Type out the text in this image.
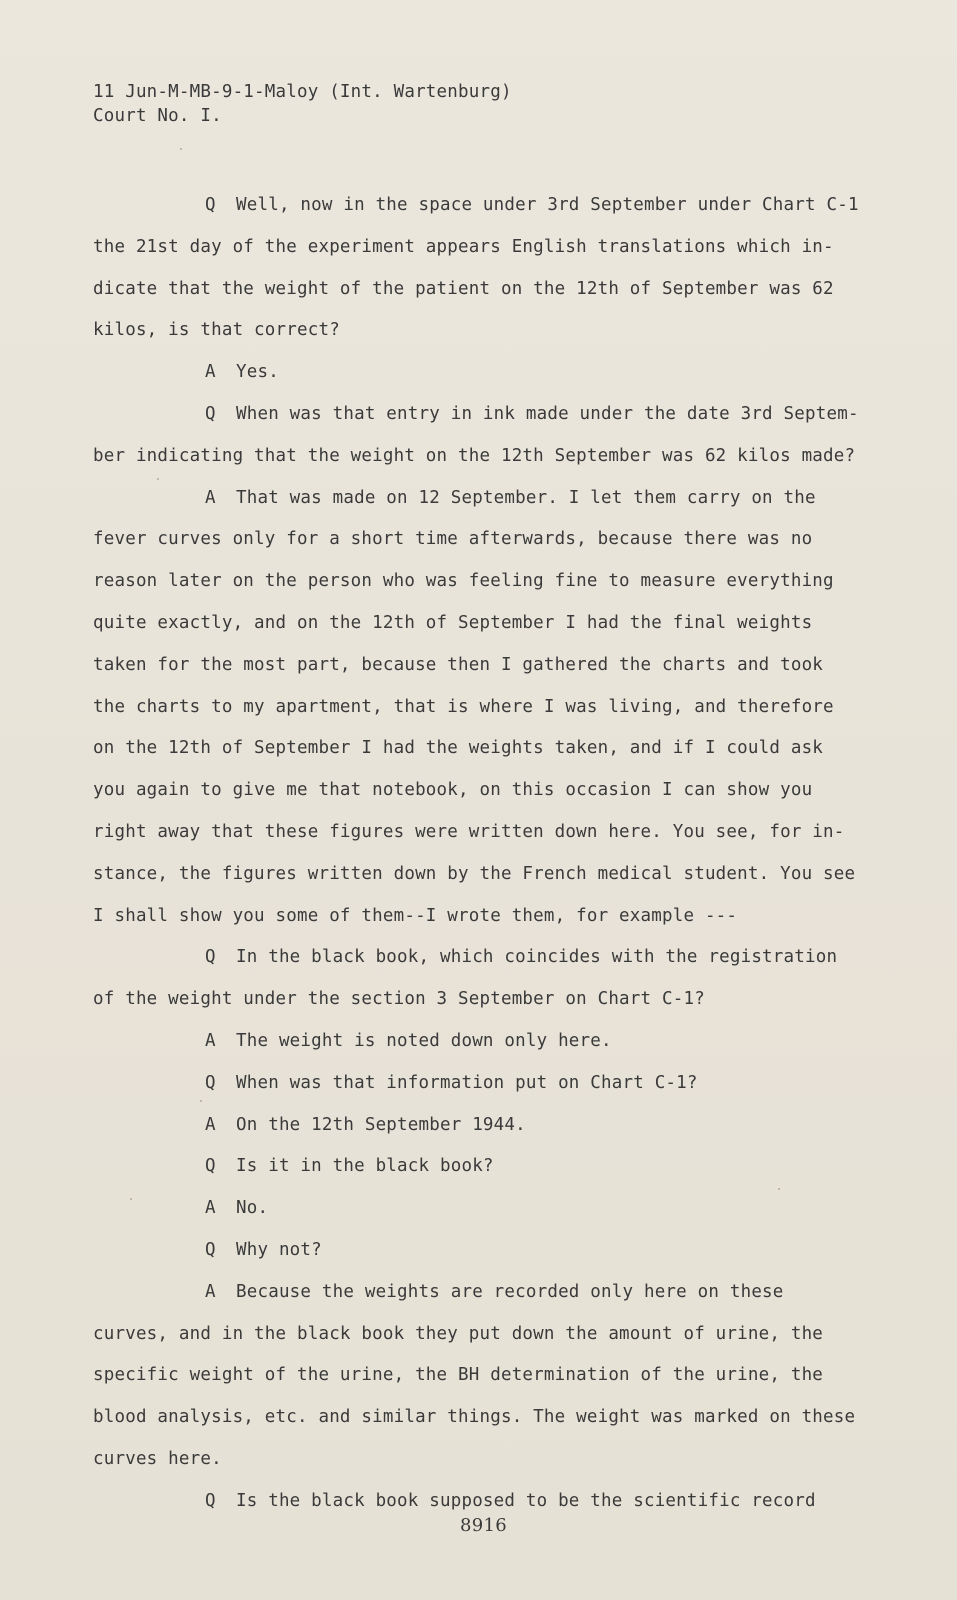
11 Jun-M-MB-9-1-Maloy (Int. Wartenburg)
Court No. I.
Q Well, now in the space under 3rd September under Chart C-1
the 21st day of the experiment appears English translations which in-
dicate that the weight of the patient on the 12th of September was 62
kilos, is that correct?
A Yes.
Q When was that entry in ink made under the date 3rd Septem-
ber indicating that the weight on the 12th September was 62 kilos made?
A That was made on 12 September. I let them carry on the
fever curves only for a short time afterwards, because there was no
reason later on the person who was feeling fine to measure everything
quite exactly, and on the 12th of September I had the final weights
taken for the most part, because then I gathered the charts and took
the charts to my apartment, that is where I was living, and therefore
on the 12th of September I had the weights taken, and if I could ask
you again to give me that notebook, on this occasion I can show you
right away that these figures were written down here. You see, for in-
stance, the figures written down by the French medical student. You see
I shall show you some of them--I wrote them, for example ---
Q In the black book, which coincides with the registration
of the weight under the section 3 September on Chart C-1?
A The weight is noted down only here.
Q When was that information put on Chart C-1?
A On the 12th September 1944.
Q Is it in the black book?
A No.
Q Why not?
A Because the weights are recorded only here on these
curves, and in the black book they put down the amount of urine, the
specific weight of the urine, the BH determination of the urine, the
blood analysis, etc. and similar things. The weight was marked on these
curves here.
Q Is the black book supposed to be the scientific record
8916
